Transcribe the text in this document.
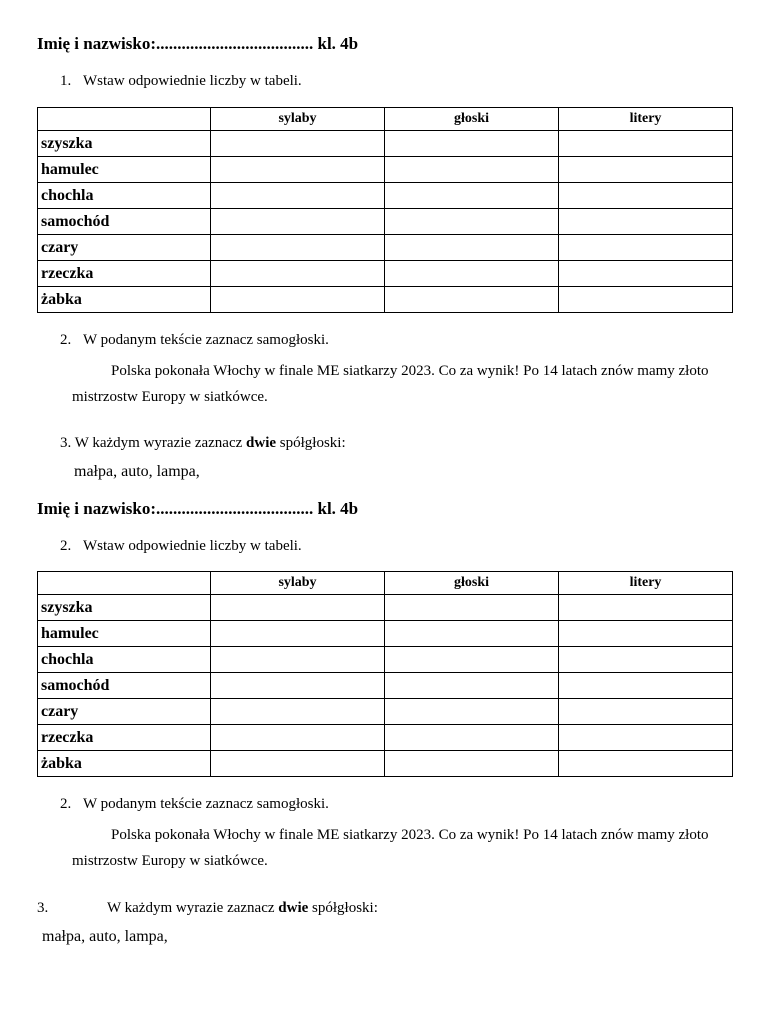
Imię i nazwisko:..................................... kl. 4b
1. Wstaw odpowiednie liczby w tabeli.
	sylaby	głoski	litery
szyszka			
hamulec			
chochla			
samochód			
czary			
rzeczka			
żabka			
2. W podanym tekście zaznacz samogłoski.
Polska pokonała Włochy w finale ME siatkarzy 2023. Co za wynik! Po 14 latach znów mamy złoto mistrzostw Europy w siatkówce.
3. W każdym wyrazie zaznacz dwie spółgłoski:
małpa, auto, lampa,
Imię i nazwisko:..................................... kl. 4b
2. Wstaw odpowiednie liczby w tabeli.
	sylaby	głoski	litery
szyszka			
hamulec			
chochla			
samochód			
czary			
rzeczka			
żabka			
2. W podanym tekście zaznacz samogłoski.
Polska pokonała Włochy w finale ME siatkarzy 2023. Co za wynik! Po 14 latach znów mamy złoto mistrzostw Europy w siatkówce.
3.	W każdym wyrazie zaznacz dwie spółgłoski:
małpa, auto, lampa,
